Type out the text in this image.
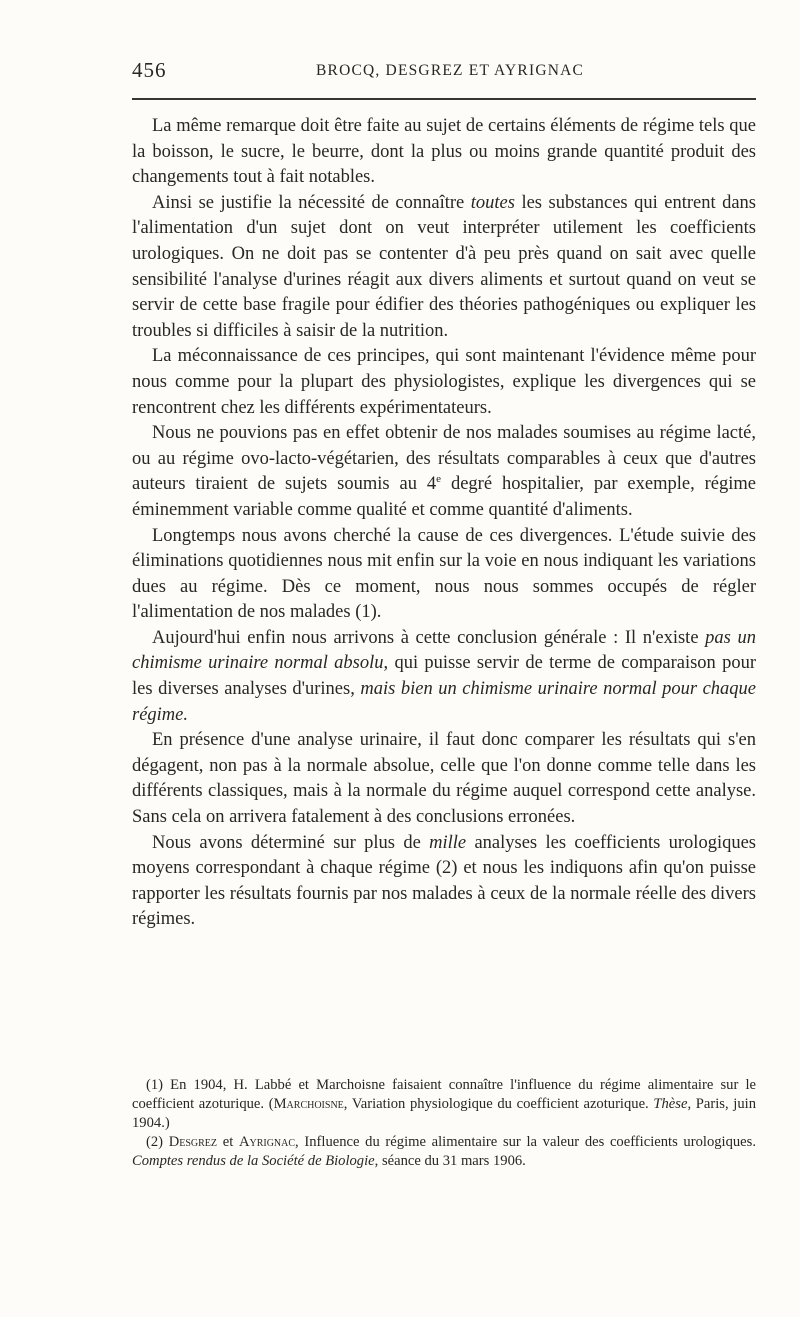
456	BROCQ, DESGREZ ET AYRIGNAC

La même remarque doit être faite au sujet de certains éléments de régime tels que la boisson, le sucre, le beurre, dont la plus ou moins grande quantité produit des changements tout à fait notables.

Ainsi se justifie la nécessité de connaître toutes les substances qui entrent dans l'alimentation d'un sujet dont on veut interpréter utilement les coefficients urologiques. On ne doit pas se contenter d'à peu près quand on sait avec quelle sensibilité l'analyse d'urines réagit aux divers aliments et surtout quand on veut se servir de cette base fragile pour édifier des théories pathogéniques ou expliquer les troubles si difficiles à saisir de la nutrition.

La méconnaissance de ces principes, qui sont maintenant l'évidence même pour nous comme pour la plupart des physiologistes, explique les divergences qui se rencontrent chez les différents expérimentateurs.

Nous ne pouvions pas en effet obtenir de nos malades soumises au régime lacté, ou au régime ovo-lacto-végétarien, des résultats comparables à ceux que d'autres auteurs tiraient de sujets soumis au 4e degré hospitalier, par exemple, régime éminemment variable comme qualité et comme quantité d'aliments.

Longtemps nous avons cherché la cause de ces divergences. L'étude suivie des éliminations quotidiennes nous mit enfin sur la voie en nous indiquant les variations dues au régime. Dès ce moment, nous nous sommes occupés de régler l'alimentation de nos malades (1).

Aujourd'hui enfin nous arrivons à cette conclusion générale : Il n'existe pas un chimisme urinaire normal absolu, qui puisse servir de terme de comparaison pour les diverses analyses d'urines, mais bien un chimisme urinaire normal pour chaque régime.

En présence d'une analyse urinaire, il faut donc comparer les résultats qui s'en dégagent, non pas à la normale absolue, celle que l'on donne comme telle dans les différents classiques, mais à la normale du régime auquel correspond cette analyse. Sans cela on arrivera fatalement à des conclusions erronées.

Nous avons déterminé sur plus de mille analyses les coefficients urologiques moyens correspondant à chaque régime (2) et nous les indiquons afin qu'on puisse rapporter les résultats fournis par nos malades à ceux de la normale réelle des divers régimes.

(1) En 1904, H. Labbé et Marchoisne faisaient connaître l'influence du régime alimentaire sur le coefficient azoturique. (Marchoisne, Variation physiologique du coefficient azoturique. Thèse, Paris, juin 1904.)

(2) Desgrez et Ayrignac, Influence du régime alimentaire sur la valeur des coefficients urologiques. Comptes rendus de la Société de Biologie, séance du 31 mars 1906.
